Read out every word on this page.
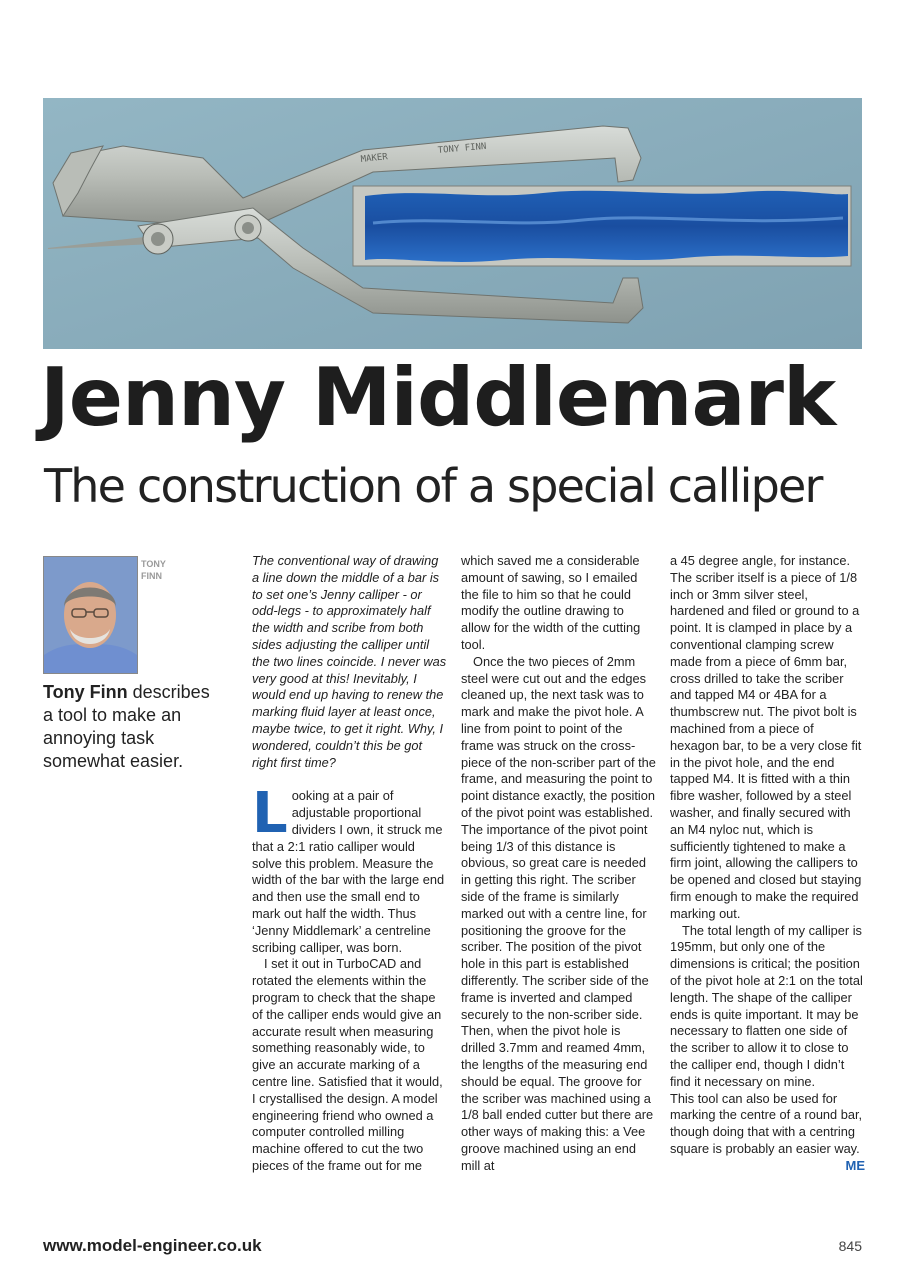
MAKER
TONY FINN
Jenny Middlemark
The construction of a special calliper
TONY
FINN
Tony Finn describes a tool to make an annoying task somewhat easier.

The conventional way of drawing a line down the middle of a bar is to set one’s Jenny calliper - or odd-legs - to approximately half the width and scribe from both sides adjusting the calliper until the two lines coincide. I never was very good at this! Inevitably, I would end up having to renew the marking fluid layer at least once, maybe twice, to get it right. Why, I wondered, couldn’t this be got right first time?

Looking at a pair of adjustable proportional dividers I own, it struck me that a 2:1 ratio calliper would solve this problem. Measure the width of the bar with the large end and then use the small end to mark out half the width. Thus ‘Jenny Middlemark’ a centreline scribing calliper, was born.

I set it out in TurboCAD and rotated the elements within the program to check that the shape of the calliper ends would give an accurate result when measuring something reasonably wide, to give an accurate marking of a centre line. Satisfied that it would, I crystallised the design. A model engineering friend who owned a computer controlled milling machine offered to cut the two pieces of the frame out for me

which saved me a considerable amount of sawing, so I emailed the file to him so that he could modify the outline drawing to allow for the width of the cutting tool.

Once the two pieces of 2mm steel were cut out and the edges cleaned up, the next task was to mark and make the pivot hole. A line from point to point of the frame was struck on the cross-piece of the non-scriber part of the frame, and measuring the point to point distance exactly, the position of the pivot point was established. The importance of the pivot point being 1/3 of this distance is obvious, so great care is needed in getting this right. The scriber side of the frame is similarly marked out with a centre line, for positioning the groove for the scriber. The position of the pivot hole in this part is established differently. The scriber side of the frame is inverted and clamped securely to the non-scriber side. Then, when the pivot hole is drilled 3.7mm and reamed 4mm, the lengths of the measuring end should be equal. The groove for the scriber was machined using a 1/8 ball ended cutter but there are other ways of making this: a Vee groove machined using an end mill at

a 45 degree angle, for instance. The scriber itself is a piece of 1/8 inch or 3mm silver steel, hardened and filed or ground to a point. It is clamped in place by a conventional clamping screw made from a piece of 6mm bar, cross drilled to take the scriber and tapped M4 or 4BA for a thumbscrew nut. The pivot bolt is machined from a piece of hexagon bar, to be a very close fit in the pivot hole, and the end tapped M4. It is fitted with a thin fibre washer, followed by a steel washer, and finally secured with an M4 nyloc nut, which is sufficiently tightened to make a firm joint, allowing the callipers to be opened and closed but staying firm enough to make the required marking out.

The total length of my calliper is 195mm, but only one of the dimensions is critical; the position of the pivot hole at 2:1 on the total length. The shape of the calliper ends is quite important. It may be necessary to flatten one side of the scriber to allow it to close to the calliper end, though I didn’t find it necessary on mine.

This tool can also be used for marking the centre of a round bar, though doing that with a centring square is probably an easier way.
ME

www.model-engineer.co.uk	845
